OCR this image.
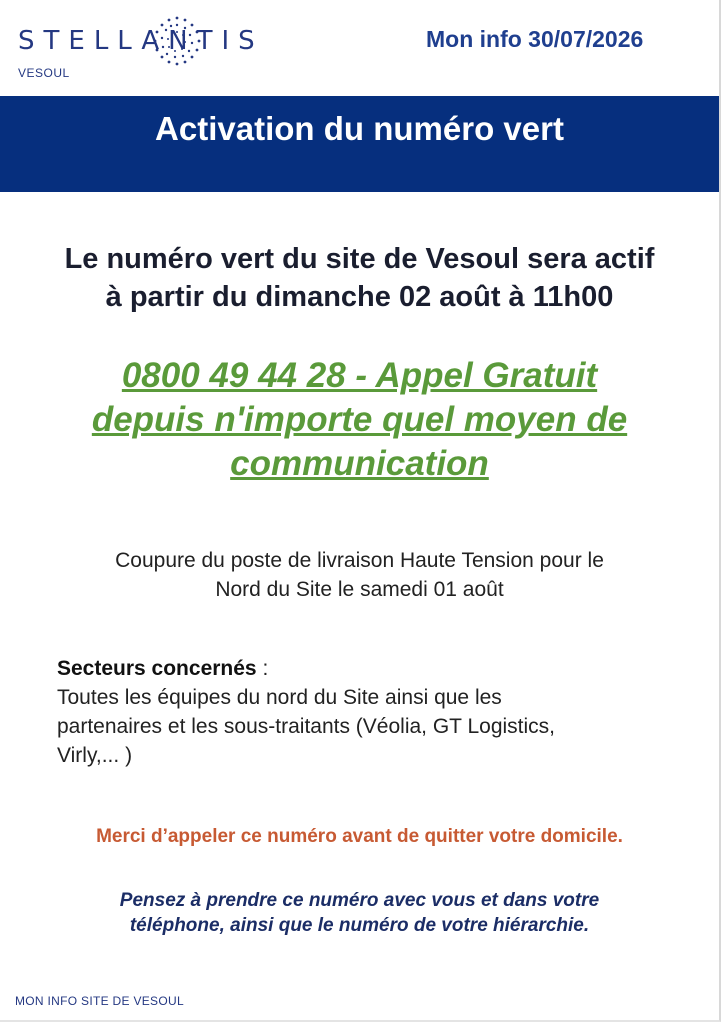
STELLANTIS
VESOUL
Mon info 30/07/2026
Activation du numéro vert
Le numéro vert du site de Vesoul sera actif
à partir du dimanche 02 août à 11h00
0800 49 44 28 - Appel Gratuit
depuis n'importe quel moyen de
communication
Coupure du poste de livraison Haute Tension pour le
Nord du Site le samedi 01 août
Secteurs concernés :
Toutes les équipes du nord du Site ainsi que les
partenaires et les sous-traitants (Véolia, GT Logistics,
Virly,... )
Merci d’appeler ce numéro avant de quitter votre domicile.
Pensez à prendre ce numéro avec vous et dans votre
téléphone, ainsi que le numéro de votre hiérarchie.
MON INFO SITE DE VESOUL
